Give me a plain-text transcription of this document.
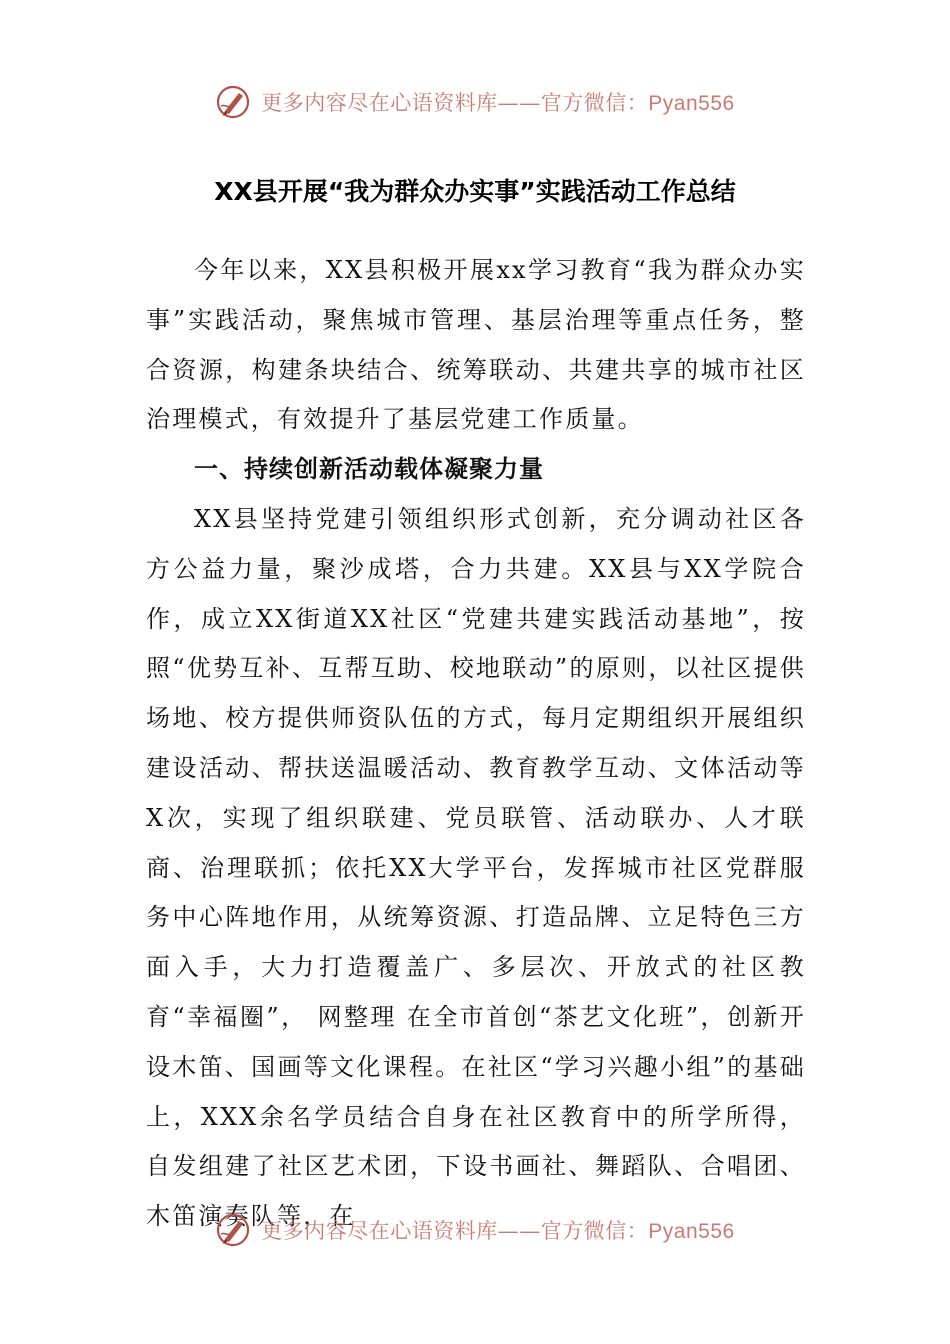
更多内容尽在心语资料库——官方微信：Pyan556
XX县开展“我为群众办实事”实践活动工作总结

今年以来，XX县积极开展xx学习教育“我为群众办实事”实践活动，聚焦城市管理、基层治理等重点任务，整合资源，构建条块结合、统筹联动、共建共享的城市社区治理模式，有效提升了基层党建工作质量。

一、持续创新活动载体凝聚力量

XX县坚持党建引领组织形式创新，充分调动社区各方公益力量，聚沙成塔，合力共建。XX县与XX学院合作，成立XX街道XX社区“党建共建实践活动基地”，按照“优势互补、互帮互助、校地联动”的原则，以社区提供场地、校方提供师资队伍的方式，每月定期组织开展组织建设活动、帮扶送温暖活动、教育教学互动、文体活动等X次，实现了组织联建、党员联管、活动联办、人才联商、治理联抓；依托XX大学平台，发挥城市社区党群服务中心阵地作用，从统筹资源、打造品牌、立足特色三方面入手，大力打造覆盖广、多层次、开放式的社区教育“幸福圈”， 网整理 在全市首创“茶艺文化班”，创新开设木笛、国画等文化课程。在社区“学习兴趣小组”的基础上，XXX余名学员结合自身在社区教育中的所学所得，自发组建了社区艺术团，下设书画社、舞蹈队、合唱团、木笛演奏队等，在

更多内容尽在心语资料库——官方微信：Pyan556
